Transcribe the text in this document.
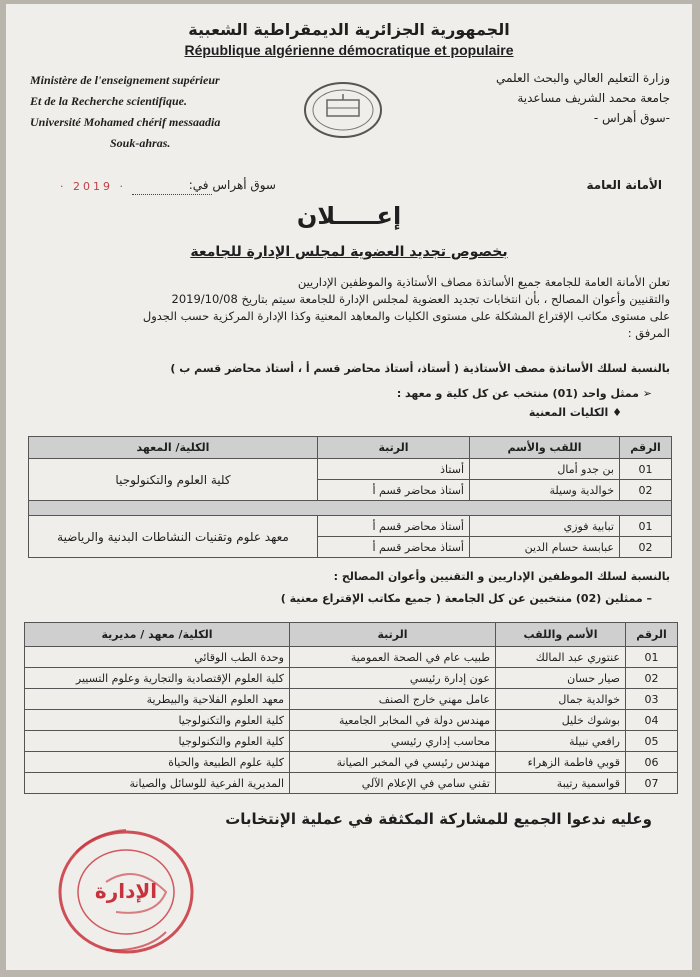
الجمهورية الجزائرية الديمقراطية الشعبية
République algérienne démocratique et populaire
Ministère de l'enseignement supérieur
Et de la Recherche scientifique.
Université Mohamed chérif messaadia
Souk-ahras.
وزارة التعليم العالي والبحث العلمي
جامعة محمد الشريف مساعدية
-سوق أهراس -
الأمانة العامة
· 2019 ·	سوق أهراس في:
إعـــــلان
بخصوص تجديد العضوية لمجلس الإدارة للجامعة
تعلن الأمانة العامة للجامعة جميع الأساتذة مصاف الأستاذية والموظفين الإداريين
والتقنيين وأعوان المصالح ، بأن انتخابات تجديد العضوية لمجلس الإدارة للجامعة سيتم بتاريخ 2019/10/08
على مستوى مكاتب الإقتراع المشكلة على مستوى الكليات والمعاهد المعنية وكذا الإدارة المركزية حسب الجدول
المرفق :
بالنسبة لسلك الأساتذة مصف الأستاذية ( أستاذ، أستاذ محاضر قسم أ ، أستاذ محاضر قسم ب )
➢ ممثل واحد (01) منتخب عن كل كلية و معهد :
♦ الكليات المعنية
الرقم	اللقب والأسم	الرتبة	الكلية/ المعهد
01	بن جدو أمال	أستاذ	كلية العلوم والتكنولوجيا
02	خوالدية وسيلة	أستاذ محاضر قسم أ	

01	تبابية فوزي	أستاذ محاضر قسم أ	معهد علوم وتقنيات النشاطات البدنية والرياضية
02	عبابسة حسام الدين	أستاذ محاضر قسم أ	
بالنسبة لسلك الموظفين الإداريين و التقنيين وأعوان المصالح :
– ممثلين (02) منتخبين عن كل الجامعة ( جميع مكاتب الإقتراع معنية )
الرقم	الأسم واللقب	الرتبة	الكلية/ معهد / مديرية
01	عنتوري عبد المالك	طبيب عام في الصحة العمومية	وحدة الطب الوقائي
02	صيار حسان	عون إدارة رئيسي	كلية العلوم الإقتصادية والتجارية وعلوم التسيير
03	خوالدية جمال	عامل مهني خارج الصنف	معهد العلوم الفلاحية والبيطرية
04	بوشوك خليل	مهندس دولة في المخابر الجامعية	كلية العلوم والتكنولوجيا
05	رافعي نبيلة	محاسب إداري رئيسي	كلية العلوم والتكنولوجيا
06	قوبي فاطمة الزهراء	مهندس رئيسي في المخبر الصيانة	كلية علوم الطبيعة والحياة
07	قواسمية رتيبة	تقني سامي في الإعلام الآلي	المديرية الفرعية للوسائل والصيانة
وعليه ندعوا الجميع للمشاركة المكثفة في عملية الإنتخابات
الإدارة
